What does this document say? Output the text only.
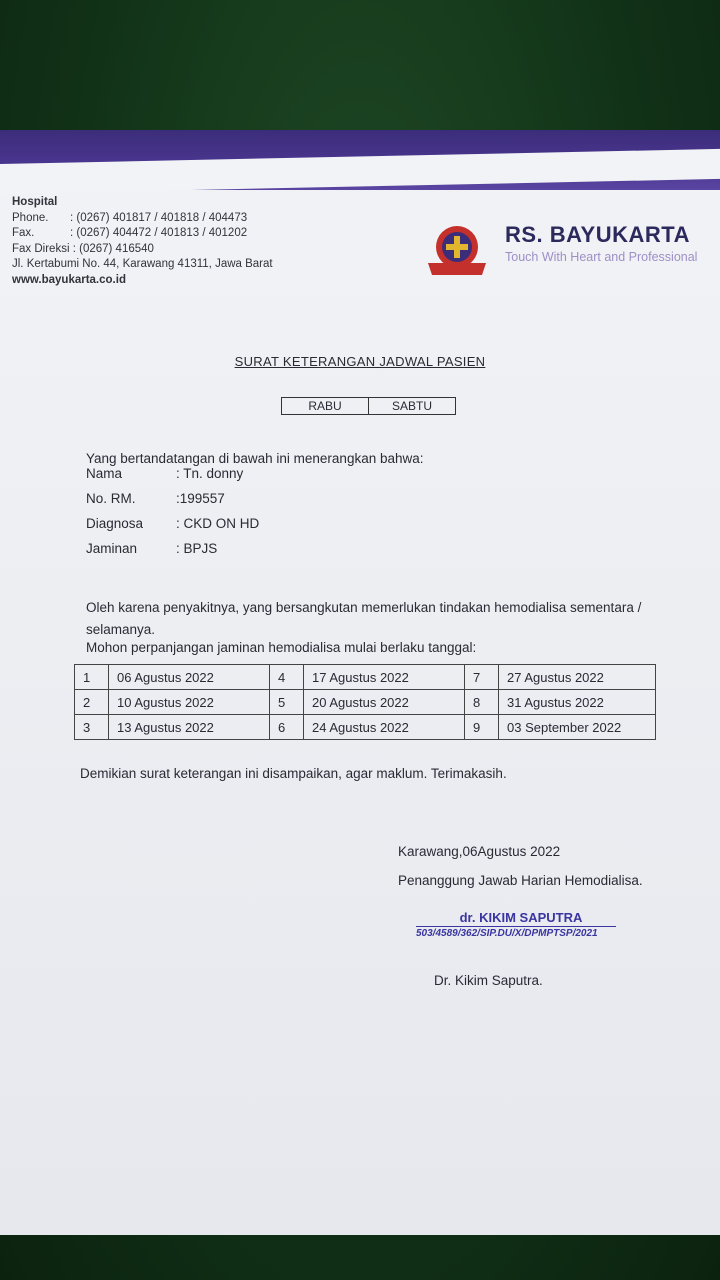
Hospital
Phone. : (0267) 401817 / 401818 / 404473
Fax.	: (0267) 404472 / 401813 / 401202
Fax Direksi : (0267) 416540
Jl. Kertabumi No. 44, Karawang 41311, Jawa Barat
www.bayukarta.co.id
RS. BAYUKARTA
Touch With Heart and Professional
SURAT KETERANGAN JADWAL PASIEN
RABU	SABTU
Yang bertandatangan di bawah ini menerangkan bahwa:
Nama	: Tn. donny
No. RM.	:199557
Diagnosa : CKD ON HD
Jaminan	: BPJS
Oleh karena penyakitnya, yang bersangkutan memerlukan tindakan hemodialisa sementara / selamanya.
Mohon perpanjangan jaminan hemodialisa mulai berlaku tanggal:
1	06 Agustus 2022	4	17 Agustus 2022	7	27 Agustus 2022
2	10 Agustus 2022	5	20 Agustus 2022	8	31 Agustus 2022
3	13 Agustus 2022	6	24 Agustus 2022	9	03 September 2022
Demikian surat keterangan ini disampaikan, agar maklum. Terimakasih.
Karawang,06Agustus 2022
Penanggung Jawab Harian Hemodialisa.
dr. KIKIM SAPUTRA
503/4589/362/SIP.DU/X/DPMPTSP/2021
Dr. Kikim Saputra.
